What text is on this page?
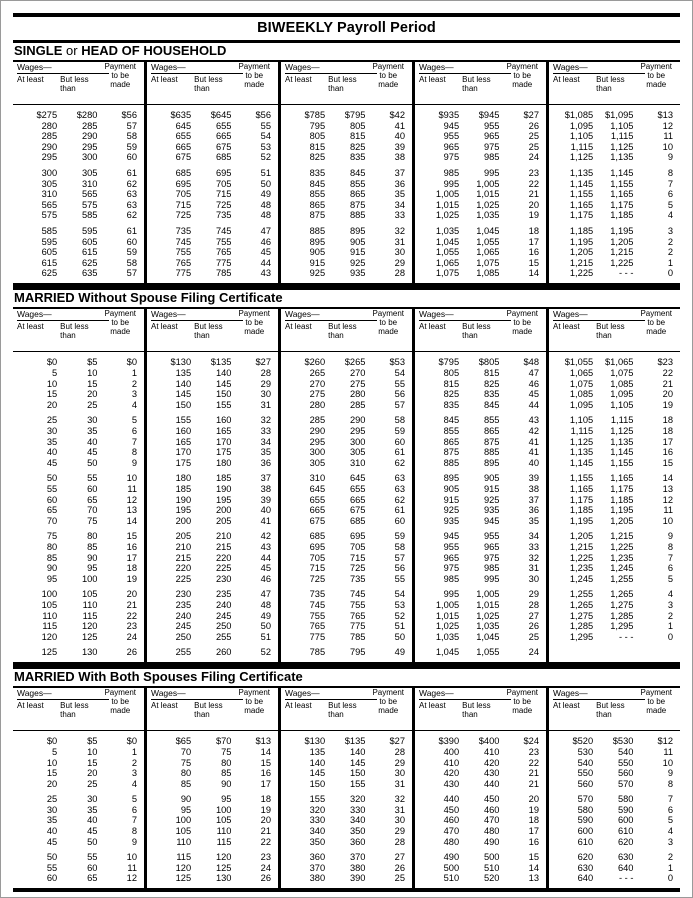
BIWEEKLY Payroll Period
SINGLE or HEAD OF HOUSEHOLD
Wages—
At least	But less
than
Payment
to be
made
$275	$280	$56
280	285	57
285	290	58
290	295	59
295	300	60
300	305	61
305	310	62
310	565	63
565	575	63
575	585	62
585	595	61
595	605	60
605	615	59
615	625	58
625	635	57
Wages—
At least	But less
than
Payment
to be
made
$635	$645	$56
645	655	55
655	665	54
665	675	53
675	685	52
685	695	51
695	705	50
705	715	49
715	725	48
725	735	48
735	745	47
745	755	46
755	765	45
765	775	44
775	785	43
Wages—
At least	But less
than
Payment
to be
made
$785	$795	$42
795	805	41
805	815	40
815	825	39
825	835	38
835	845	37
845	855	36
855	865	35
865	875	34
875	885	33
885	895	32
895	905	31
905	915	30
915	925	29
925	935	28
Wages—
At least	But less
than
Payment
to be
made
$935	$945	$27
945	955	26
955	965	25
965	975	25
975	985	24
985	995	23
995	1,005	22
1,005	1,015	21
1,015	1,025	20
1,025	1,035	19
1,035	1,045	18
1,045	1,055	17
1,055	1,065	16
1,065	1,075	15
1,075	1,085	14
Wages—
At least	But less
than
Payment
to be
made
$1,085	$1,095	$13
1,095	1,105	12
1,105	1,115	11
1,115	1,125	10
1,125	1,135	9
1,135	1,145	8
1,145	1,155	7
1,155	1,165	6
1,165	1,175	5
1,175	1,185	4
1,185	1,195	3
1,195	1,205	2
1,205	1,215	2
1,215	1,225	1
1,225	- - -	0
MARRIED Without Spouse Filing Certificate
Wages—
At least	But less
than
Payment
to be
made
$0	$5	$0
5	10	1
10	15	2
15	20	3
20	25	4
25	30	5
30	35	6
35	40	7
40	45	8
45	50	9
50	55	10
55	60	11
60	65	12
65	70	13
70	75	14
75	80	15
80	85	16
85	90	17
90	95	18
95	100	19
100	105	20
105	110	21
110	115	22
115	120	23
120	125	24
125	130	26
Wages—
At least	But less
than
Payment
to be
made
$130	$135	$27
135	140	28
140	145	29
145	150	30
150	155	31
155	160	32
160	165	33
165	170	34
170	175	35
175	180	36
180	185	37
185	190	38
190	195	39
195	200	40
200	205	41
205	210	42
210	215	43
215	220	44
220	225	45
225	230	46
230	235	47
235	240	48
240	245	49
245	250	50
250	255	51
255	260	52
Wages—
At least	But less
than
Payment
to be
made
$260	$265	$53
265	270	54
270	275	55
275	280	56
280	285	57
285	290	58
290	295	59
295	300	60
300	305	61
305	310	62
310	645	63
645	655	63
655	665	62
665	675	61
675	685	60
685	695	59
695	705	58
705	715	57
715	725	56
725	735	55
735	745	54
745	755	53
755	765	52
765	775	51
775	785	50
785	795	49
Wages—
At least	But less
than
Payment
to be
made
$795	$805	$48
805	815	47
815	825	46
825	835	45
835	845	44
845	855	43
855	865	42
865	875	41
875	885	41
885	895	40
895	905	39
905	915	38
915	925	37
925	935	36
935	945	35
945	955	34
955	965	33
965	975	32
975	985	31
985	995	30
995	1,005	29
1,005	1,015	28
1,015	1,025	27
1,025	1,035	26
1,035	1,045	25
1,045	1,055	24
Wages—
At least	But less
than
Payment
to be
made
$1,055	$1,065	$23
1,065	1,075	22
1,075	1,085	21
1,085	1,095	20
1,095	1,105	19
1,105	1,115	18
1,115	1,125	18
1,125	1,135	17
1,135	1,145	16
1,145	1,155	15
1,155	1,165	14
1,165	1,175	13
1,175	1,185	12
1,185	1,195	11
1,195	1,205	10
1,205	1,215	9
1,215	1,225	8
1,225	1,235	7
1,235	1,245	6
1,245	1,255	5
1,255	1,265	4
1,265	1,275	3
1,275	1,285	2
1,285	1,295	1
1,295	- - -	0
MARRIED With Both Spouses Filing Certificate
Wages—
At least	But less
than
Payment
to be
made
$0	$5	$0
5	10	1
10	15	2
15	20	3
20	25	4
25	30	5
30	35	6
35	40	7
40	45	8
45	50	9
50	55	10
55	60	11
60	65	12
Wages—
At least	But less
than
Payment
to be
made
$65	$70	$13
70	75	14
75	80	15
80	85	16
85	90	17
90	95	18
95	100	19
100	105	20
105	110	21
110	115	22
115	120	23
120	125	24
125	130	26
Wages—
At least	But less
than
Payment
to be
made
$130	$135	$27
135	140	28
140	145	29
145	150	30
150	155	31
155	320	32
320	330	31
330	340	30
340	350	29
350	360	28
360	370	27
370	380	26
380	390	25
Wages—
At least	But less
than
Payment
to be
made
$390	$400	$24
400	410	23
410	420	22
420	430	21
430	440	21
440	450	20
450	460	19
460	470	18
470	480	17
480	490	16
490	500	15
500	510	14
510	520	13
Wages—
At least	But less
than
Payment
to be
made
$520	$530	$12
530	540	11
540	550	10
550	560	9
560	570	8
570	580	7
580	590	6
590	600	5
600	610	4
610	620	3
620	630	2
630	640	1
640	- - -	0
